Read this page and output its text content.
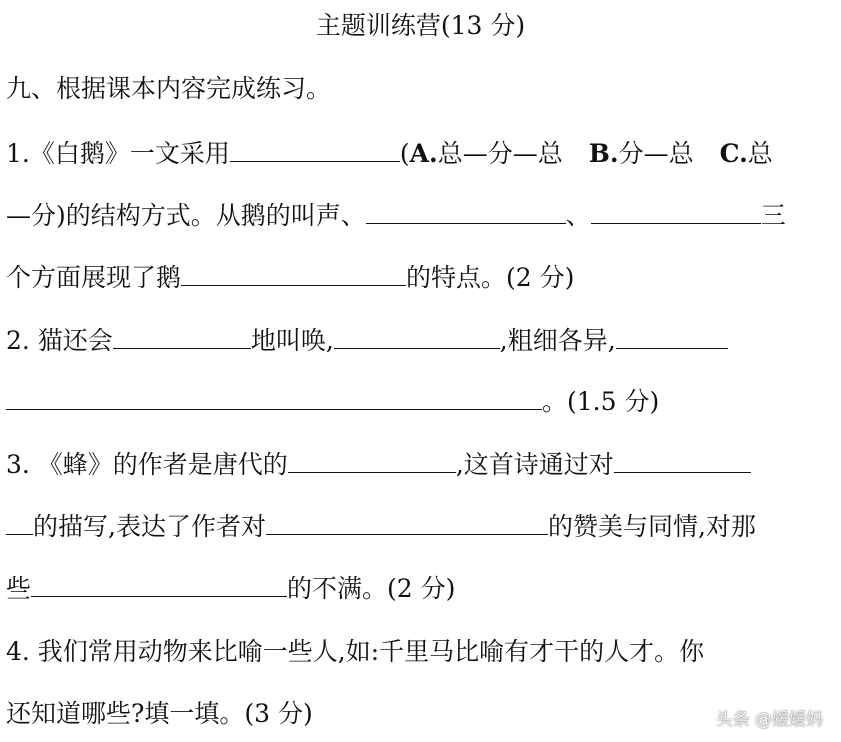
主题训练营(13 分)
九、根据课本内容完成练习。
1.《白鹅》一文采用	(A.总—分—总 B.分—总 C.总
—分)的结构方式。从鹅的叫声、	、	三
个方面展现了鹅	的特点。(2 分)
2. 猫还会	地叫唤,	,粗细各异,
。(1.5 分)
3. 《蜂》的作者是唐代的	,这首诗通过对
的描写,表达了作者对	的赞美与同情,对那
些	的不满。(2 分)
4. 我们常用动物来比喻一些人,如:千里马比喻有才干的人才。你
还知道哪些?填一填。(3 分)	头条 @嫒嫒妈
